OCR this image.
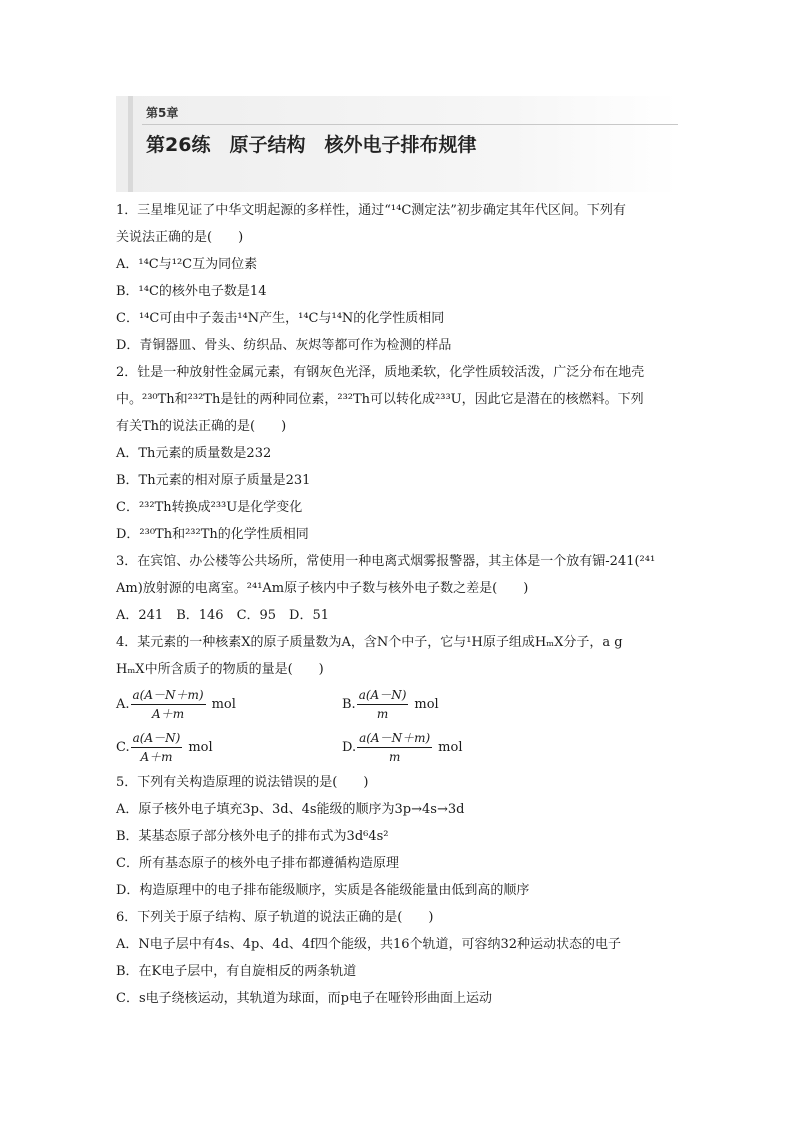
第5章
第26练　原子结构　核外电子排布规律
1．三星堆见证了中华文明起源的多样性，通过“¹⁴C测定法”初步确定其年代区间。下列有
关说法正确的是(　　)
A．¹⁴C与¹²C互为同位素
B．¹⁴C的核外电子数是14
C．¹⁴C可由中子轰击¹⁴N产生，¹⁴C与¹⁴N的化学性质相同
D．青铜器皿、骨头、纺织品、灰烬等都可作为检测的样品
2．钍是一种放射性金属元素，有钢灰色光泽，质地柔软，化学性质较活泼，广泛分布在地壳
中。²³⁰Th和²³²Th是钍的两种同位素，²³²Th可以转化成²³³U，因此它是潜在的核燃料。下列
有关Th的说法正确的是(　　)
A．Th元素的质量数是232
B．Th元素的相对原子质量是231
C．²³²Th转换成²³³U是化学变化
D．²³⁰Th和²³²Th的化学性质相同
3．在宾馆、办公楼等公共场所，常使用一种电离式烟雾报警器，其主体是一个放有镅-241(²⁴¹
Am)放射源的电离室。²⁴¹Am原子核内中子数与核外电子数之差是(　　)
A．241　B．146　C．95　D．51
4．某元素的一种核素X的原子质量数为A，含N个中子，它与¹H原子组成HₘX分子，a g
HₘX中所含质子的物质的量是(　　)
A. $\frac{a(A-N+m)}{A+m}$ mol	B. $\frac{a(A-N)}{m}$ mol
C. $\frac{a(A-N)}{A+m}$ mol	D. $\frac{a(A-N+m)}{m}$ mol
5．下列有关构造原理的说法错误的是(　　)
A．原子核外电子填充3p、3d、4s能级的顺序为3p→4s→3d
B．某基态原子部分核外电子的排布式为3d⁶4s²
C．所有基态原子的核外电子排布都遵循构造原理
D．构造原理中的电子排布能级顺序，实质是各能级能量由低到高的顺序
6．下列关于原子结构、原子轨道的说法正确的是(　　)
A．N电子层中有4s、4p、4d、4f四个能级，共16个轨道，可容纳32种运动状态的电子
B．在K电子层中，有自旋相反的两条轨道
C．s电子绕核运动，其轨道为球面，而p电子在哑铃形曲面上运动
